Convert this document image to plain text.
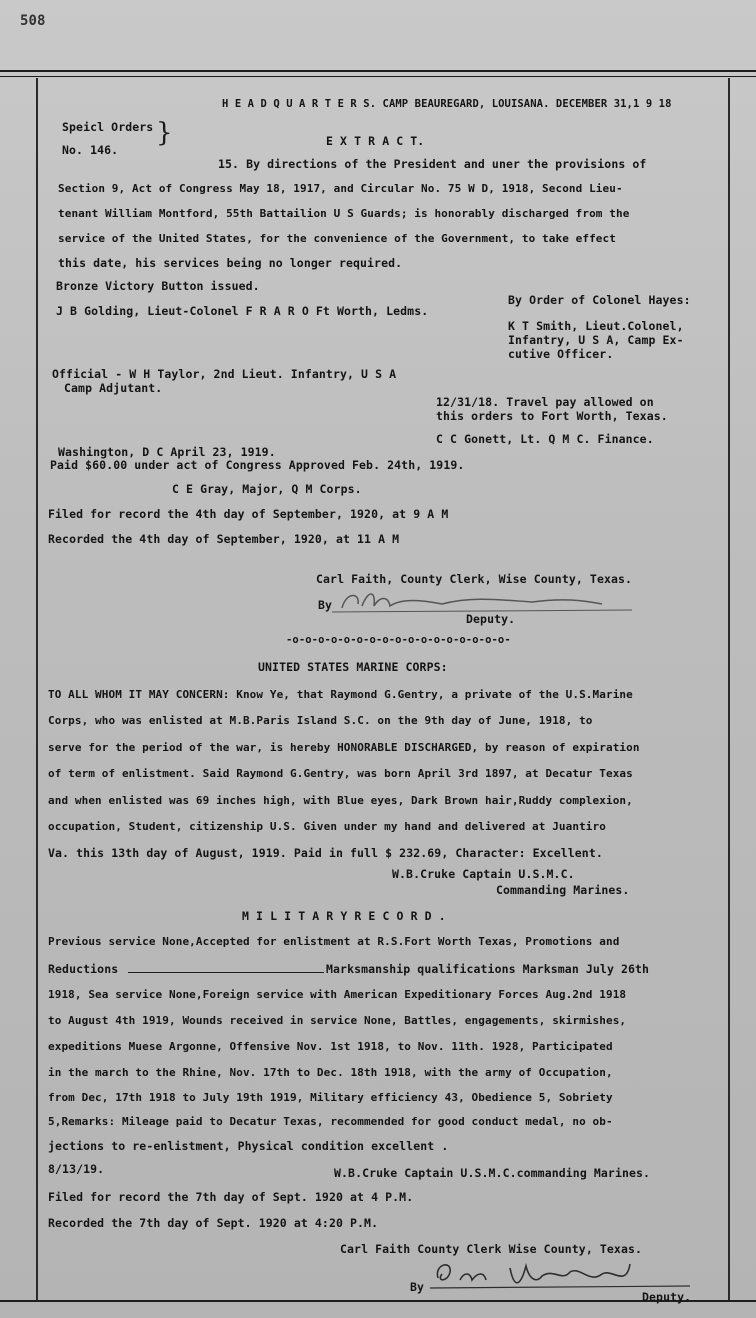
508
H E A D Q U A R T E R S. CAMP BEAUREGARD, LOUISANA. DECEMBER 31,1 9 18
Speicl Orders
No. 146.
}	E X T R A C T.
15. By directions of the President and uner the provisions of
Section 9, Act of Congress May 18, 1917, and Circular No. 75 W D, 1918, Second Lieu-
tenant William Montford, 55th Battailion U S Guards; is honorably discharged from the
service of the United States, for the convenience of the Government, to take effect
this date, his services being no longer required.
Bronze Victory Button issued.
By Order of Colonel Hayes:
J B Golding, Lieut-Colonel F R A R O Ft Worth, Ledms.
K T Smith, Lieut.Colonel,
Infantry, U S A, Camp Ex-
cutive Officer.
Official - W H Taylor, 2nd Lieut. Infantry, U S A
Camp Adjutant.
12/31/18. Travel pay allowed on
this orders to Fort Worth, Texas.
C C Gonett, Lt. Q M C. Finance.
Washington, D C April 23, 1919.
Paid $60.00 under act of Congress Approved Feb. 24th, 1919.
C E Gray, Major, Q M Corps.
Filed for record the 4th day of September, 1920, at 9 A M
Recorded the 4th day of September, 1920, at 11 A M
Carl Faith, County Clerk, Wise County, Texas.
By
Deputy.
-o-o-o-o-o-o-o-o-o-o-o-o-o-o-o-o-o-
UNITED STATES MARINE CORPS:
TO ALL WHOM IT MAY CONCERN: Know Ye, that Raymond G.Gentry, a private of the U.S.Marine
Corps, who was enlisted at M.B.Paris Island S.C. on the 9th day of June, 1918, to
serve for the period of the war, is hereby HONORABLE DISCHARGED, by reason of expiration
of term of enlistment. Said Raymond G.Gentry, was born April 3rd 1897, at Decatur Texas
and when enlisted was 69 inches high, with Blue eyes, Dark Brown hair,Ruddy complexion,
occupation, Student, citizenship U.S. Given under my hand and delivered at Juantiro
Va. this 13th day of August, 1919. Paid in full $ 232.69, Character: Excellent.
W.B.Cruke Captain U.S.M.C.
Commanding Marines.
M I L I T A R Y R E C O R D .
Previous service None,Accepted for enlistment at R.S.Fort Worth Texas, Promotions and
Reductions	Marksmanship qualifications Marksman July 26th
1918, Sea service None,Foreign service with American Expeditionary Forces Aug.2nd 1918
to August 4th 1919, Wounds received in service None, Battles, engagements, skirmishes,
expeditions Muese Argonne, Offensive Nov. 1st 1918, to Nov. 11th. 1928, Participated
in the march to the Rhine, Nov. 17th to Dec. 18th 1918, with the army of Occupation,
from Dec, 17th 1918 to July 19th 1919, Military efficiency 43, Obedience 5, Sobriety
5,Remarks: Mileage paid to Decatur Texas, recommended for good conduct medal, no ob-
jections to re-enlistment, Physical condition excellent .
8/13/19.	W.B.Cruke Captain U.S.M.C.commanding Marines.
Filed for record the 7th day of Sept. 1920 at 4 P.M.
Recorded the 7th day of Sept. 1920 at 4:20 P.M.
Carl Faith County Clerk Wise County, Texas.
By
Deputy.
